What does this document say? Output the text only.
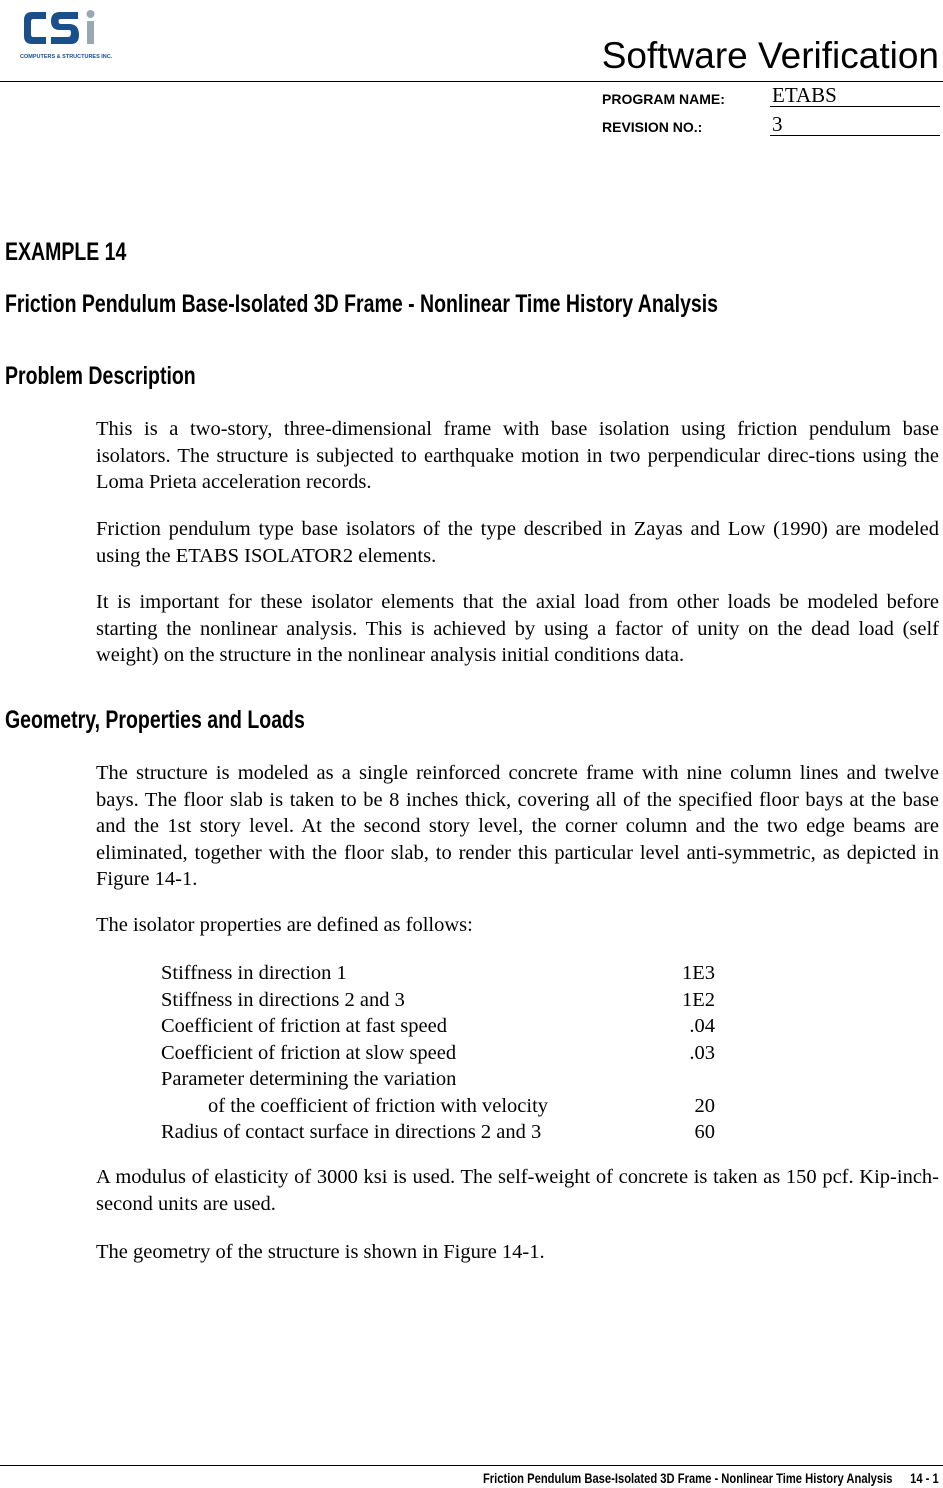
COMPUTERS & STRUCTURES INC.	Software Verification
PROGRAM NAME: ETABS
REVISION NO.:	3
EXAMPLE 14
Friction Pendulum Base-Isolated 3D Frame - Nonlinear Time History Analysis
Problem Description

This is a two-story, three-dimensional frame with base isolation using friction pendulum base isolators. The structure is subjected to earthquake motion in two perpendicular direc-tions using the Loma Prieta acceleration records.

Friction pendulum type base isolators of the type described in Zayas and Low (1990) are modeled using the ETABS ISOLATOR2 elements.

It is important for these isolator elements that the axial load from other loads be modeled before starting the nonlinear analysis. This is achieved by using a factor of unity on the dead load (self weight) on the structure in the nonlinear analysis initial conditions data.

Geometry, Properties and Loads

The structure is modeled as a single reinforced concrete frame with nine column lines and twelve bays. The floor slab is taken to be 8 inches thick, covering all of the specified floor bays at the base and the 1st story level. At the second story level, the corner column and the two edge beams are eliminated, together with the floor slab, to render this particular level anti-symmetric, as depicted in Figure 14-1.

The isolator properties are defined as follows:

Stiffness in direction 1	1E3
Stiffness in directions 2 and 3	1E2
Coefficient of friction at fast speed	.04
Coefficient of friction at slow speed	.03
Parameter determining the variation
of the coefficient of friction with velocity	20
Radius of contact surface in directions 2 and 3	60

A modulus of elasticity of 3000 ksi is used. The self-weight of concrete is taken as 150 pcf. Kip-inch-second units are used.

The geometry of the structure is shown in Figure 14-1.

Friction Pendulum Base-Isolated 3D Frame - Nonlinear Time History Analysis 14 - 1
